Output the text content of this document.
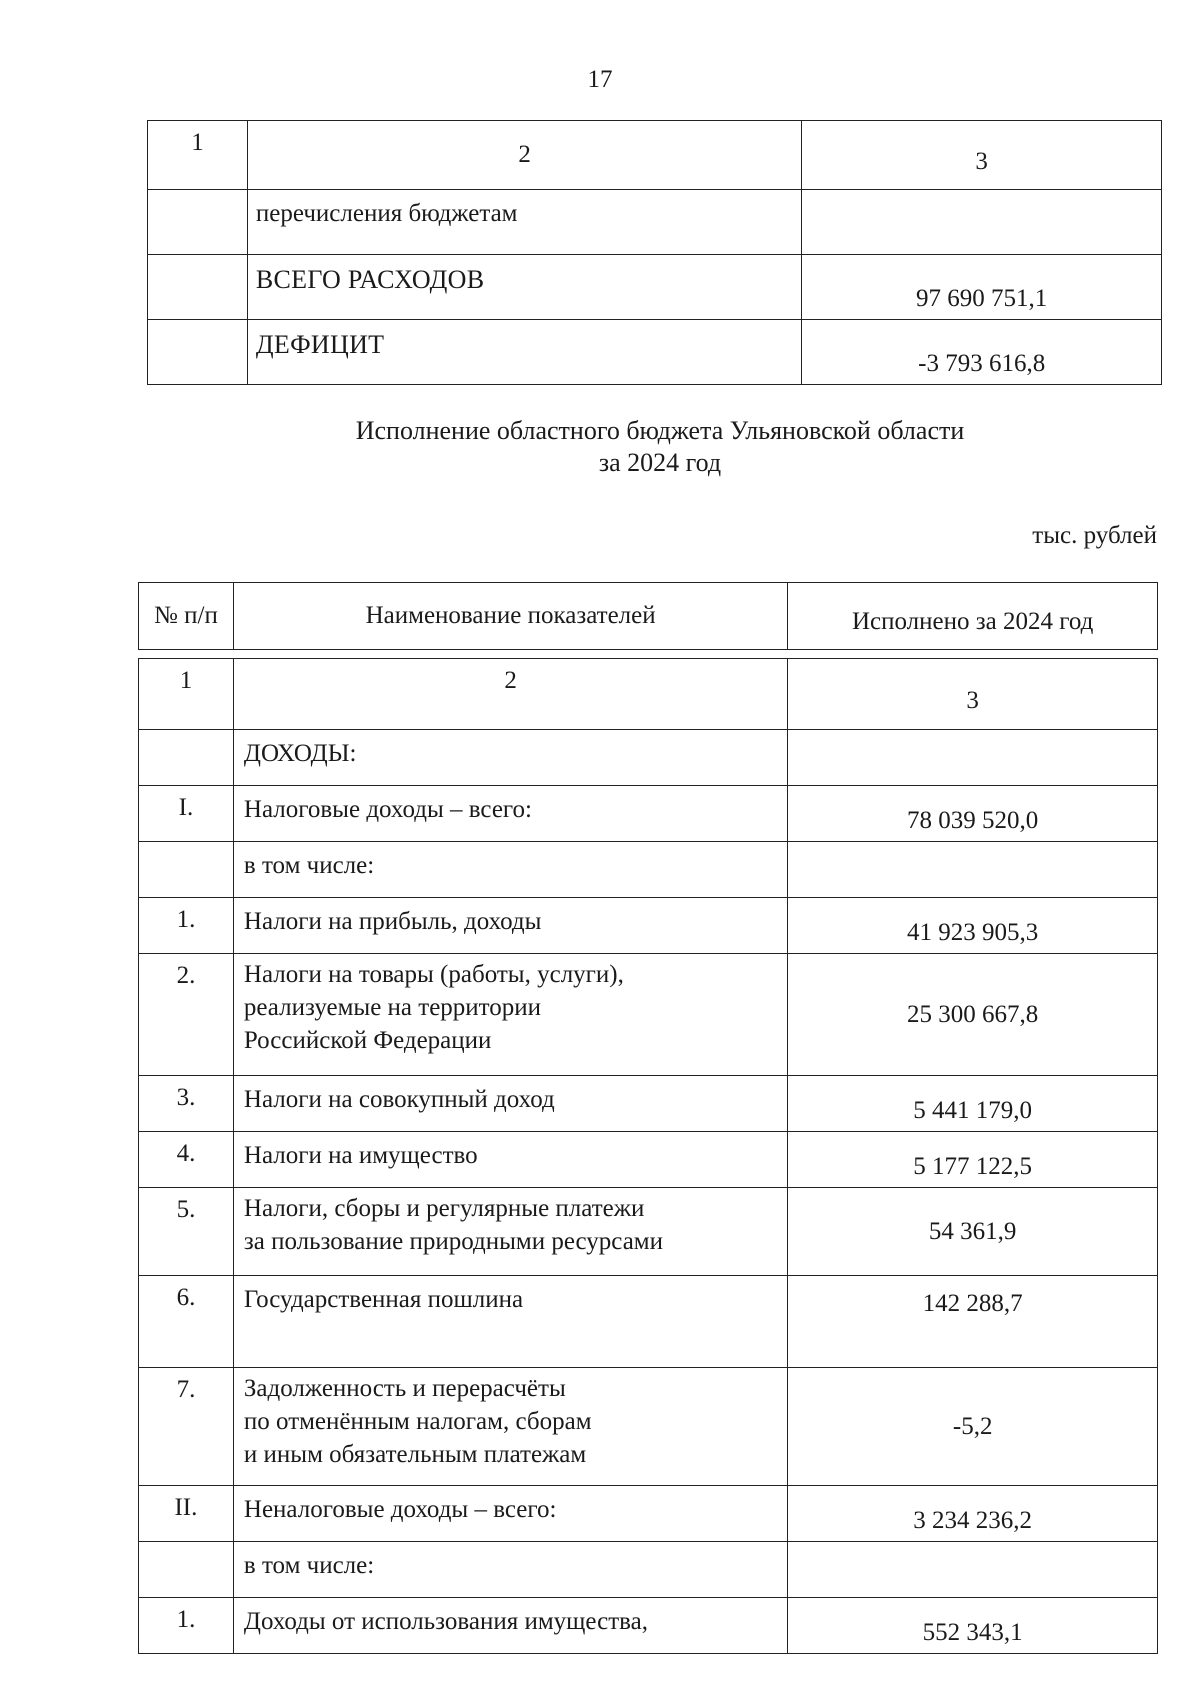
17
1	2	3
	перечисления бюджетам	
	ВСЕГО РАСХОДОВ	97 690 751,1
	ДЕФИЦИТ	-3 793 616,8
Исполнение областного бюджета Ульяновской области
за 2024 год
тыс. рублей
№ п/п	Наименование показателей	Исполнено за 2024 год

1	2	3
	ДОХОДЫ:	
I.	Налоговые доходы – всего:	78 039 520,0
	в том числе:	
1.	Налоги на прибыль, доходы	41 923 905,3
2.	Налоги на товары (работы, услуги),
реализуемые на территории
Российской Федерации	25 300 667,8
3.	Налоги на совокупный доход	5 441 179,0
4.	Налоги на имущество	5 177 122,5
5.	Налоги, сборы и регулярные платежи
за пользование природными ресурсами	54 361,9
6.	Государственная пошлина	142 288,7
7.	Задолженность и перерасчёты
по отменённым налогам, сборам
и иным обязательным платежам	-5,2
II.	Неналоговые доходы – всего:	3 234 236,2
	в том числе:	
1.	Доходы от использования имущества,	552 343,1
